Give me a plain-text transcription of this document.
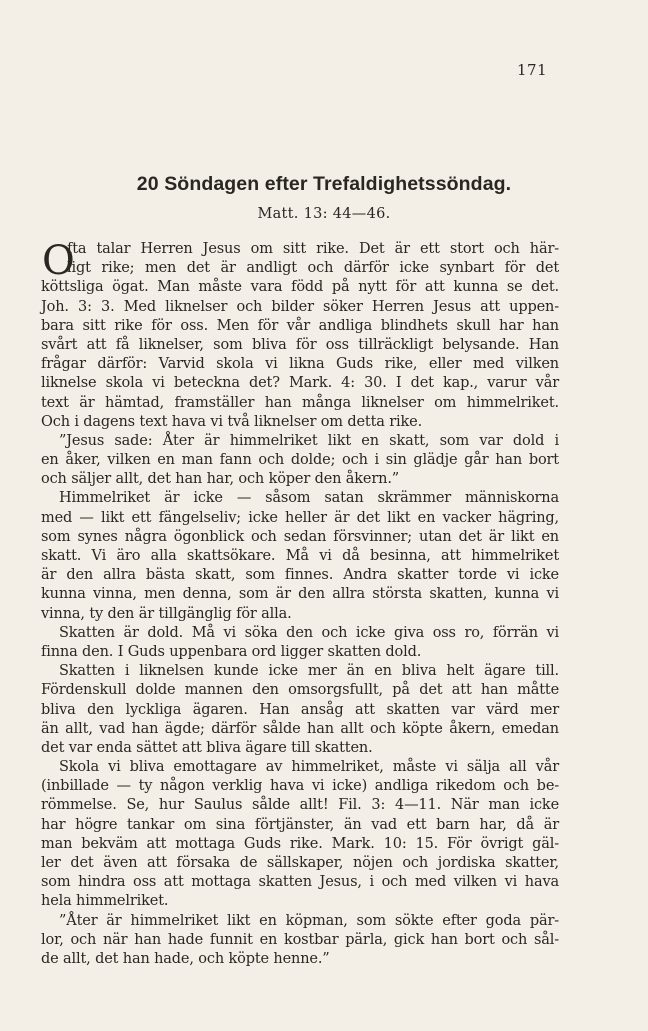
171
20 Söndagen efter Trefaldighetssöndag.
Matt. 13: 44—46.
O
fta talar Herren Jesus om sitt rike. Det är ett stort och här-
ligt rike; men det är andligt och därför icke synbart för det
köttsliga ögat. Man måste vara född på nytt för att kunna se det.
Joh. 3: 3. Med liknelser och bilder söker Herren Jesus att uppen-
bara sitt rike för oss. Men för vår andliga blindhets skull har han
svårt att få liknelser, som bliva för oss tillräckligt belysande. Han
frågar därför: Varvid skola vi likna Guds rike, eller med vilken
liknelse skola vi beteckna det? Mark. 4: 30. I det kap., varur vår
text är hämtad, framställer han många liknelser om himmelriket.
Och i dagens text hava vi två liknelser om detta rike.
”Jesus sade: Åter är himmelriket likt en skatt, som var dold i
en åker, vilken en man fann och dolde; och i sin glädje går han bort
och säljer allt, det han har, och köper den åkern.”
Himmelriket är icke — såsom satan skrämmer människorna
med — likt ett fängelseliv; icke heller är det likt en vacker hägring,
som synes några ögonblick och sedan försvinner; utan det är likt en
skatt. Vi äro alla skattsökare. Må vi då besinna, att himmelriket
är den allra bästa skatt, som finnes. Andra skatter torde vi icke
kunna vinna, men denna, som är den allra största skatten, kunna vi
vinna, ty den är tillgänglig för alla.
Skatten är dold. Må vi söka den och icke giva oss ro, förrän vi
finna den. I Guds uppenbara ord ligger skatten dold.
Skatten i liknelsen kunde icke mer än en bliva helt ägare till.
Fördenskull dolde mannen den omsorgsfullt, på det att han måtte
bliva den lyckliga ägaren. Han ansåg att skatten var värd mer
än allt, vad han ägde; därför sålde han allt och köpte åkern, emedan
det var enda sättet att bliva ägare till skatten.
Skola vi bliva emottagare av himmelriket, måste vi sälja all vår
(inbillade — ty någon verklig hava vi icke) andliga rikedom och be-
römmelse. Se, hur Saulus sålde allt! Fil. 3: 4—11. När man icke
har högre tankar om sina förtjänster, än vad ett barn har, då är
man bekväm att mottaga Guds rike. Mark. 10: 15. För övrigt gäl-
ler det även att försaka de sällskaper, nöjen och jordiska skatter,
som hindra oss att mottaga skatten Jesus, i och med vilken vi hava
hela himmelriket.
”Åter är himmelriket likt en köpman, som sökte efter goda pär-
lor, och när han hade funnit en kostbar pärla, gick han bort och sål-
de allt, det han hade, och köpte henne.”
